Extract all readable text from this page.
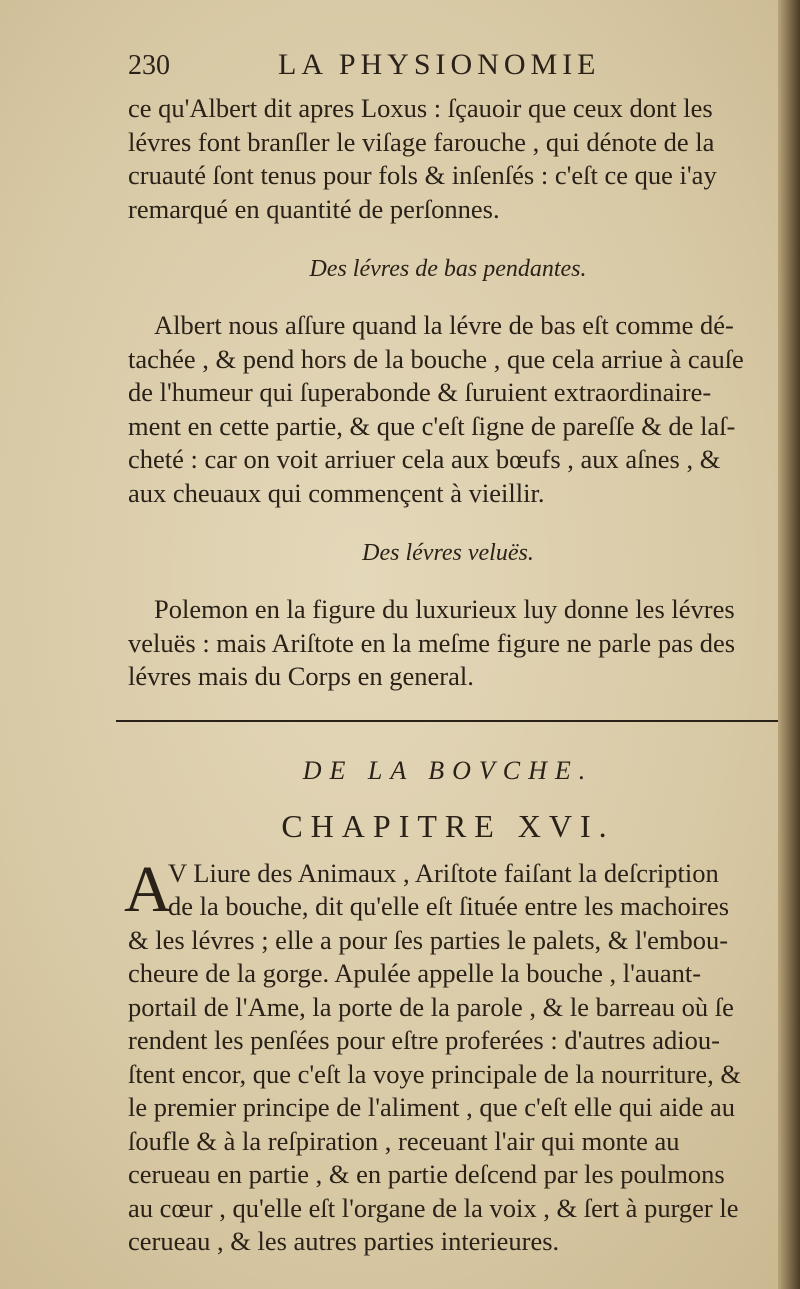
230	LA PHYSIONOMIE
ce qu'Albert dit apres Loxus : ſçauoir que ceux dont les
lévres font branſler le viſage farouche , qui dénote de la
cruauté ſont tenus pour fols & inſenſés : c'eſt ce que i'ay
remarqué en quantité de perſonnes.
Des lévres de bas pendantes.
Albert nous aſſure quand la lévre de bas eſt comme dé-
tachée , & pend hors de la bouche , que cela arriue à cauſe
de l'humeur qui ſuperabonde & ſuruient extraordinaire-
ment en cette partie, & que c'eſt ſigne de pareſſe & de laſ-
cheté : car on voit arriuer cela aux bœufs , aux aſnes , &
aux cheuaux qui commençent à vieillir.
Des lévres veluës.
Polemon en la figure du luxurieux luy donne les lévres
veluës : mais Ariſtote en la meſme figure ne parle pas des
lévres mais du Corps en general.
DE LA BOVCHE.
CHAPITRE XVI.
A
V Liure des Animaux , Ariſtote faiſant la deſcription
de la bouche, dit qu'elle eſt ſituée entre les machoires
& les lévres ; elle a pour ſes parties le palets, & l'embou-
cheure de la gorge. Apulée appelle la bouche , l'auant-
portail de l'Ame, la porte de la parole , & le barreau où ſe
rendent les penſées pour eſtre proferées : d'autres adiou-
ſtent encor, que c'eſt la voye principale de la nourriture, &
le premier principe de l'aliment , que c'eſt elle qui aide au
ſoufle & à la reſpiration , receuant l'air qui monte au
cerueau en partie , & en partie deſcend par les poulmons
au cœur , qu'elle eſt l'organe de la voix , & ſert à purger le
cerueau , & les autres parties interieures.
